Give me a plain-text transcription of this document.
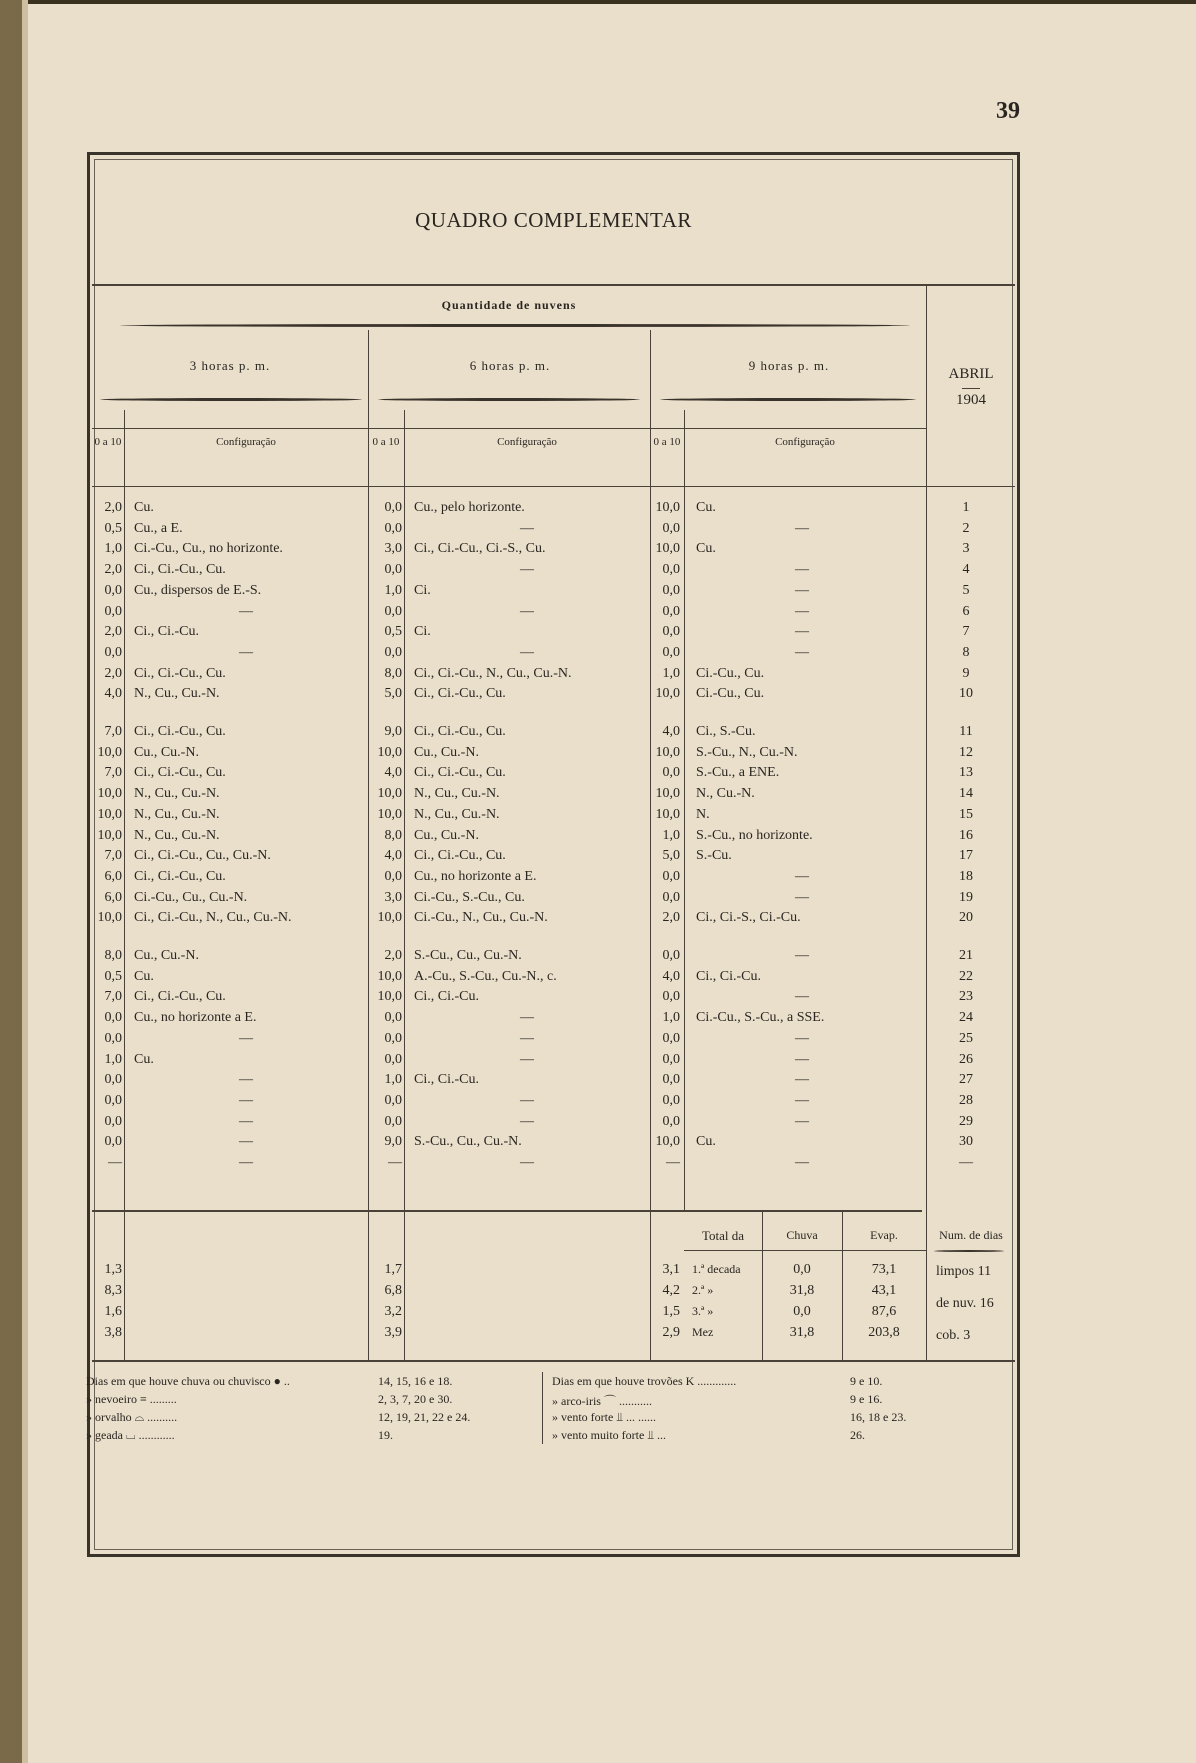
39
QUADRO COMPLEMENTAR
Quantidade de nuvens
3 horas p. m.	6 horas p. m.	9 horas p. m.
ABRIL
1904
0 a 10	Configuração	0 a 10	Configuração	0 a 10	Configuração
2,0 Cu.	0,0 Cu., pelo horizonte.	10,0 Cu.	1
0,5 Cu., a E.	0,0	—	0,0	—	2
1,0 Ci.-Cu., Cu., no horizonte.	3,0 Ci., Ci.-Cu., Ci.-S., Cu.	10,0 Cu.	3
2,0 Ci., Ci.-Cu., Cu.	0,0	—	0,0	—	4
0,0 Cu., dispersos de E.-S.	1,0 Ci.	0,0	—	5
0,0	—	0,0	—	0,0	—	6
2,0 Ci., Ci.-Cu.	0,5 Ci.	0,0	—	7
0,0	—	0,0	—	0,0	—	8
2,0 Ci., Ci.-Cu., Cu.	8,0 Ci., Ci.-Cu., N., Cu., Cu.-N.	1,0 Ci.-Cu., Cu.	9
4,0 N., Cu., Cu.-N.	5,0 Ci., Ci.-Cu., Cu.	10,0 Ci.-Cu., Cu.	10
7,0 Ci., Ci.-Cu., Cu.	9,0 Ci., Ci.-Cu., Cu.	4,0 Ci., S.-Cu.	11
10,0 Cu., Cu.-N.	10,0 Cu., Cu.-N.	10,0 S.-Cu., N., Cu.-N.	12
7,0 Ci., Ci.-Cu., Cu.	4,0 Ci., Ci.-Cu., Cu.	0,0 S.-Cu., a ENE.	13
10,0 N., Cu., Cu.-N.	10,0 N., Cu., Cu.-N.	10,0 N., Cu.-N.	14
10,0 N., Cu., Cu.-N.	10,0 N., Cu., Cu.-N.	10,0 N.	15
10,0 N., Cu., Cu.-N.	8,0 Cu., Cu.-N.	1,0 S.-Cu., no horizonte.	16
7,0 Ci., Ci.-Cu., Cu., Cu.-N.	4,0 Ci., Ci.-Cu., Cu.	5,0 S.-Cu.	17
6,0 Ci., Ci.-Cu., Cu.	0,0 Cu., no horizonte a E.	0,0	—	18
6,0 Ci.-Cu., Cu., Cu.-N.	3,0 Ci.-Cu., S.-Cu., Cu.	0,0	—	19
10,0 Ci., Ci.-Cu., N., Cu., Cu.-N.	10,0 Ci.-Cu., N., Cu., Cu.-N.	2,0 Ci., Ci.-S., Ci.-Cu.	20
8,0 Cu., Cu.-N.	2,0 S.-Cu., Cu., Cu.-N.	0,0	—	21
0,5 Cu.	10,0 A.-Cu., S.-Cu., Cu.-N., c.	4,0 Ci., Ci.-Cu.	22
7,0 Ci., Ci.-Cu., Cu.	10,0 Ci., Ci.-Cu.	0,0	—	23
0,0 Cu., no horizonte a E.	0,0	—	1,0 Ci.-Cu., S.-Cu., a SSE.	24
0,0	—	0,0	—	0,0	—	25
1,0 Cu.	0,0	—	0,0	—	26
0,0	—	1,0 Ci., Ci.-Cu.	0,0	—	27
0,0	—	0,0	—	0,0	—	28
0,0	—	0,0	—	0,0	—	29
0,0	—	9,0 S.-Cu., Cu., Cu.-N.	10,0 Cu.	30
—	—	—	—	—	—	—
Total da	Chuva	Evap.	Num. de dias
1,3	1,7	3,1 1.ª decada	0,0	73,1
8,3	6,8	4,2 2.ª »	31,8	43,1
1,6	3,2	1,5 3.ª »	0,0	87,6
3,8	3,9	2,9 Mez	31,8	203,8
limpos 11
de nuv. 16
cob. 3
Dias em que houve chuva ou chuvisco ● ..	14, 15, 16 e 18.
» nevoeiro ≡ .........	2, 3, 7, 20 e 30.
» orvalho ⌓ ..........	12, 19, 21, 22 e 24.
» geada ⌴ ............	19.
Dias em que houve trovões K .............	9 e 10.
» arco-iris ⌒ ...........	9 e 16.
» vento forte ⫫ ... ......	16, 18 e 23.
» vento muito forte ⫫ ...	26.
